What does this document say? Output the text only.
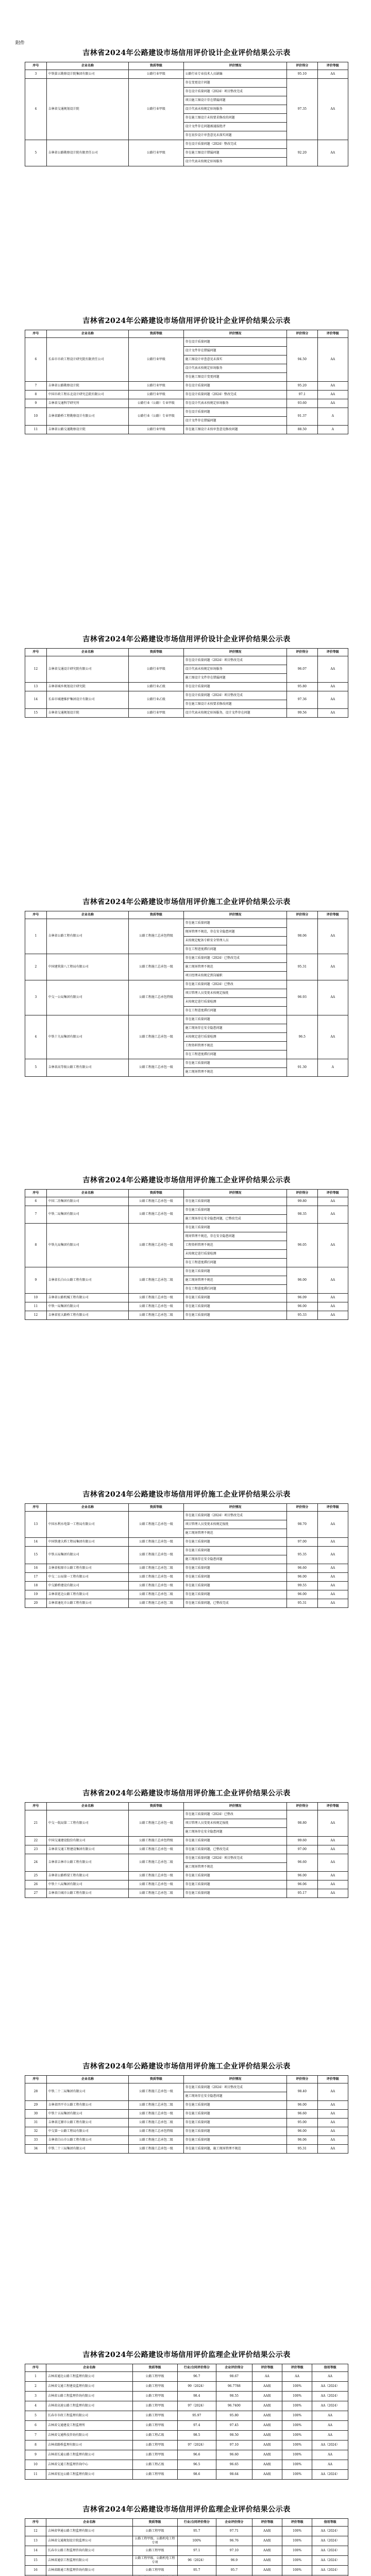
附件
吉林省2024年公路建设市场信用评价设计企业评价结果公示表
序号	企业名称	资质等级	评价情况	评价得分	评价等级
3	中铁第五勘察设计院集团有限公司	公路行业甲级	公路行业专业技术人员缺编	95.10	AA
4	吉林省交通规划设计院	公路行业甲级	存在变更设计问题	97.35	AA
			存在设计质量问题（2024）项目整改完成		
			项目施工图设计存在错漏问题		
			设计代表未按规定驻场服务		
			存在施工图设计未按要求修改的问题		
			设计文件存在问题被通报批评		
			存在初步设计审查意见未落实问题		
5	吉林省公路勘察设计院有限责任公司	公路行业甲级	存在设计质量问题（2024）整改完成	92.20	AA
			存在施工图设计错漏问题		
			设计代表未按规定驻场服务		
吉林省2024年公路建设市场信用评价设计企业评价结果公示表
序号	企业名称	资质等级	评价情况	评价得分	评价等级
6	长春市市政工程设计研究院有限责任公司	公路行业甲级	存在设计质量问题	94.50	AA
			设计文件存在错漏问题		
			施工图设计审查意见未落实		
			设计代表未按规定驻场服务		
			存在施工图设计变更问题		
7	吉林省公路勘察设计院	公路行业甲级	存在设计质量问题	95.20	AA
8	中国市政工程东北设计研究总院有限公司	公路行业甲级	存在设计质量问题（2024）整改完成	97.1	AA
9	吉林省交通科学研究所	公路行业（公路）专业甲级	存在设计代表未按规定驻场服务	93.60	AA
10	吉林省路桥工程勘察设计有限公司	公路行业（公路）专业甲级	存在设计质量问题	91.37	A
			设计文件存在错漏问题		
11	吉林省公路交通勘察设计院	公路行业甲级	存在施工图设计未按审查意见修改问题	88.50	A
吉林省2024年公路建设市场信用评价设计企业评价结果公示表
序号	企业名称	资质等级	评价情况	评价得分	评价等级
12	吉林省交通设计研究院有限公司	公路行业甲级	存在设计质量问题（2024）项目整改完成	96.07	AA
			设计代表未按规定驻场服务		
			施工图设计文件存在错漏问题		
13	吉林省城乡规划设计研究院	公路行业乙级	存在设计质量问题	95.80	AA
14	长春市城建维护集团设计有限公司	公路行业乙级	存在设计质量问题（2024）项目整改完成	97.36	AA
			存在施工图设计未按要求修改问题		
15	吉林省交通规划设计院	公路行业甲级	设计代表未按规定驻场服务，设计文件存在问题	99.56	AA
吉林省2024年公路建设市场信用评价施工企业评价结果公示表
序号	企业名称	资质等级	评价情况	评价得分	评价等级
1	吉林省公路工程有限公司	公路工程施工总承包特级	存在施工质量问题	98.06	AA
			现场管理不规范，存在安全隐患问题		
			未按规定配备专职安全管理人员		
			存在工程进度滞后问题		
2	中国建筑第八工程局有限公司	公路工程施工总承包一级	存在施工质量问题（2024）已整改完成	95.31	AA
			施工现场管理不规范		
			项目经理未按规定到岗履职		
3	中交一公局集团有限公司	公路工程施工总承包特级	存在施工质量问题（2024）已整改	96.93	AA
			项目管理人员变更未按规定报批		
			未按规定进行质量检测		
			存在工程进度滞后问题		
4	中铁十九局集团有限公司	公路工程施工总承包一级	存在施工质量问题	96.5	AA
			施工现场存在安全隐患问题		
			未按规定进行质量检测		
			工程资料管理不规范		
			存在工程进度滞后问题		
5	吉林省高等级公路工程有限公司	公路工程施工总承包一级	存在施工质量问题	91.30	A
			施工现场管理不规范		
吉林省2024年公路建设市场信用评价施工企业评价结果公示表
序号	企业名称	资质等级	评价情况	评价得分	评价等级
6	中国二冶集团有限公司	公路工程施工总承包一级	存在施工质量问题	99.80	AA
7	中铁二局集团有限公司	公路工程施工总承包一级	存在施工质量问题	98.35	AA
			施工现场存在安全隐患问题，已整改完成		
8	中铁九局集团有限公司	公路工程施工总承包一级	存在施工质量问题	96.05	AA
			现场管理不规范，存在安全隐患问题		
			工程资料管理不规范		
			未按规定进行质量检测		
			存在工程进度滞后问题		
9	吉林省长白山公路工程有限公司	公路工程施工总承包二级	存在施工质量问题	96.00	AA
			施工现场管理不规范		
			存在工程进度滞后问题		
10	吉林省公路机械工程有限公司	公路工程施工总承包一级	存在施工质量问题	96.09	AA
11	中铁一局集团有限公司	公路工程施工总承包一级	存在施工质量问题	96.00	AA
12	吉林省宏大路桥工程有限公司	公路工程施工总承包二级	存在施工质量问题	95.33	AA
吉林省2024年公路建设市场信用评价施工企业评价结果公示表
序号	企业名称	资质等级	评价情况	评价得分	评价等级
13	中国水利水电第一工程局有限公司	公路工程施工总承包一级	存在施工质量问题（2024）项目整改完成	98.70	AA
			项目管理人员变更未按规定报批		
			施工现场管理不规范		
14	中国铁建大桥工程局集团有限公司	公路工程施工总承包一级	存在施工质量问题	97.00	AA
15	中铁五局集团有限公司	公路工程施工总承包一级	存在施工质量问题	95.35	AA
			施工现场存在安全隐患问题		
16	吉林省松原市公路工程有限公司	公路工程施工总承包二级	存在施工质量问题	96.60	AA
17	中交二公局第一工程有限公司	公路工程施工总承包一级	存在施工质量问题	96.00	AA
18	中交路桥建设有限公司	公路工程施工总承包一级	存在施工质量问题	99.55	AA
19	吉林省延边公路工程有限公司	公路工程施工总承包二级	存在施工质量问题	96.00	AA
20	吉林省通化市公路工程有限公司	公路工程施工总承包二级	存在施工质量问题，已整改完成	95.31	AA
吉林省2024年公路建设市场信用评价施工企业评价结果公示表
序号	企业名称	资质等级	评价情况	评价得分	评价等级
21	中交一航局第二工程有限公司	公路工程施工总承包一级	存在施工质量问题（2024）已整改	98.80	AA
			项目管理人员变更未按规定报批		
			施工现场存在安全隐患问题		
22	中国交通建设股份有限公司	公路工程施工总承包特级	存在施工质量问题	99.60	AA
23	吉林省交通工程建设集团有限公司	公路工程施工总承包一级	存在施工质量问题，已整改完成	97.00	AA
24	吉林省吉林市公路工程有限公司	公路工程施工总承包二级	存在施工质量问题（2024）项目整改完成	96.60	AA
			施工现场管理不规范		
25	吉林省公路桥梁工程有限公司	公路工程施工总承包一级	存在施工质量问题	96.00	AA
26	中铁十八局集团有限公司	公路工程施工总承包一级	存在施工质量问题	96.06	AA
27	吉林省白城市公路工程有限公司	公路工程施工总承包二级	存在施工质量问题	95.17	AA
吉林省2024年公路建设市场信用评价施工企业评价结果公示表
序号	企业名称	资质等级	评价情况	评价得分	评价等级
28	中铁二十二局集团有限公司	公路工程施工总承包一级	存在施工质量问题（2024）项目整改完成	98.40	AA
			施工现场存在安全隐患问题		
29	吉林省四平市公路工程有限公司	公路工程施工总承包二级	存在施工质量问题	96.00	AA
30	中铁十五局集团有限公司	公路工程施工总承包一级	存在施工质量问题	96.60	AA
31	吉林省辽源市公路工程有限公司	公路工程施工总承包二级	存在施工质量问题	95.00	AA
32	中交第一公路工程局有限公司	公路工程施工总承包特级	存在施工质量问题	96.00	AA
33	吉林省白山市公路工程有限公司	公路工程施工总承包二级	存在施工质量问题	96.06	AA
34	中铁二十三局集团有限公司	公路工程施工总承包一级	存在施工质量问题，施工现场管理不规范	95.31	AA
吉林省2024年公路建设市场信用评价监理企业评价结果公示表
序号	企业名称	资质等级	行业/合同评价得分	企业评价得分	评价等级	评价等级	信用等级
1	吉林省通达公路工程监理有限公司	公路工程甲级	96.7	98.67	AA	AA	AA
2	吉林省交通工程建设监理有限公司	公路工程甲级	99（2024）	96.7788	AA级	100%	AA（2024）
3	吉林省公路工程监理咨询有限公司	公路工程甲级	98.4	98.55	AA级	100%	AA（2024）
4	吉林省高速公路工程监理有限公司	公路工程甲级	97（2024）	96.7400	AA级	100%	AA（2024）
5	长春市市政工程监理有限公司	公路工程甲级	95.97	95.80	AA级	100%	AA
6	吉林省交通建设工程监理所	公路工程甲级	97.4	97.45	AA级	100%	AA
7	吉林省交通科技咨询有限公司	公路工程乙级	98.5	98.50	AA级	100%	AA
8	吉林省路桥监理有限公司	公路工程甲级	97（2024）	97.10	AA级	100%	AA（2024）
9	吉林省长通公路工程监理有限公司	公路工程甲级	96.6	96.60	AA级	100%	AA
10	吉林省交通工程监理咨询中心	公路工程乙级	96.5	96.65	AA级	100%	AA
11	吉林省宏远公路工程监理有限公司	公路工程甲级	98.6	98.64	AA级	100%	AA（2024）
吉林省2024年公路建设市场信用评价监理企业评价结果公示表
序号	企业名称	资质等级	行业/合同评价得分	企业评价得分	评价等级	评价等级	信用等级
12	吉林省华通公路工程监理有限公司	公路工程甲级	95.7	97.71	AA级	100%	AA（2024）
13	吉林省交通规划设计院监理公司	公路工程甲级、公路机电工程专项	100%	96.76	AA级	100%	AA（2024）
14	长春市公路工程监理咨询有限公司	公路工程甲级	97.1	97.10	AA级	100%	AA（2024）
15	吉林省通信工程监理有限公司	公路工程甲级、公路机电工程专项	96（2024）	96.9	AA级	100%	AA（2024）
16	吉林省路通工程监理咨询有限公司	公路工程甲级	95.7	95.7	AA级	100%	AA（2024）
